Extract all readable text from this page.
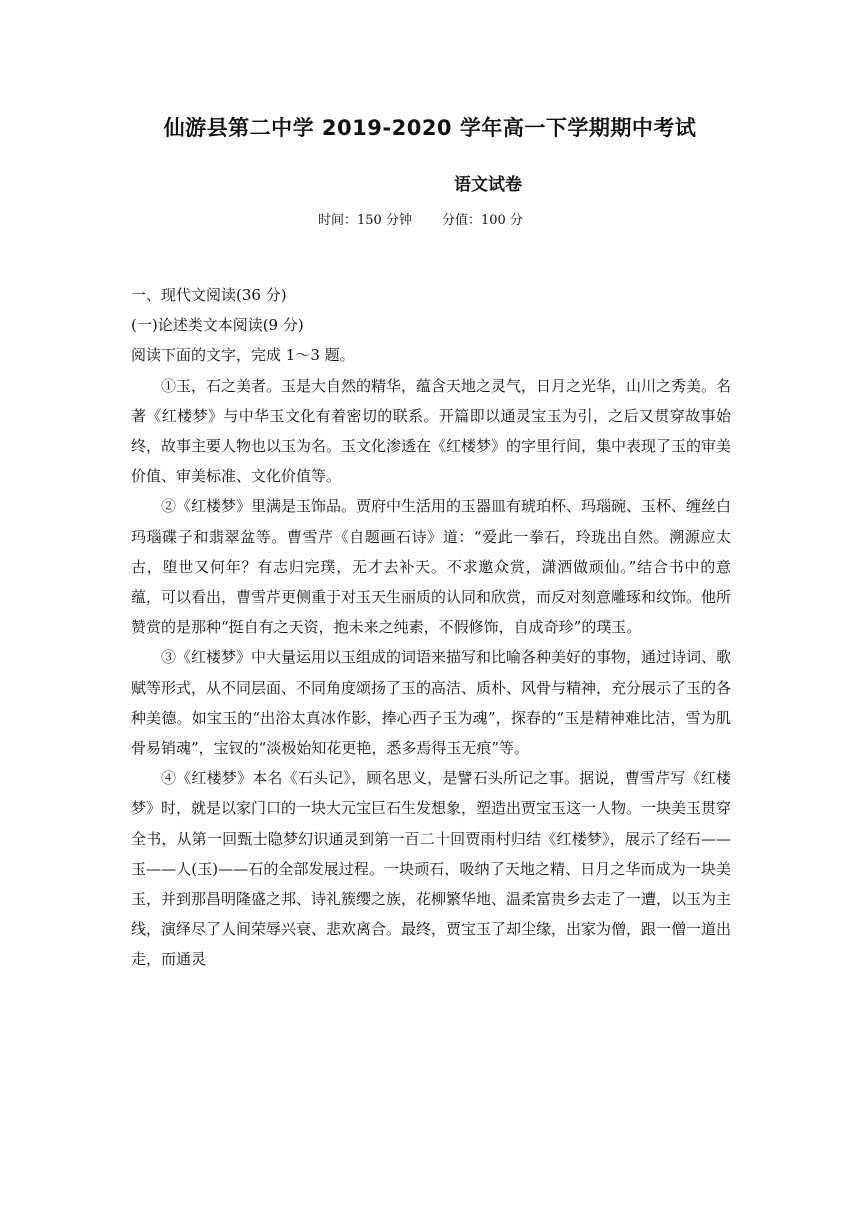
仙游县第二中学 2019-2020 学年高一下学期期中考试
语文试卷
时间：150 分钟 分值：100 分

一、现代文阅读(36 分)

(一)论述类文本阅读(9 分)

阅读下面的文字，完成 1～3 题。

①玉，石之美者。玉是大自然的精华，蕴含天地之灵气，日月之光华，山川之秀美。名著《红楼梦》与中华玉文化有着密切的联系。开篇即以通灵宝玉为引，之后又贯穿故事始终，故事主要人物也以玉为名。玉文化渗透在《红楼梦》的字里行间，集中表现了玉的审美价值、审美标准、文化价值等。

②《红楼梦》里满是玉饰品。贾府中生活用的玉器皿有琥珀杯、玛瑙碗、玉杯、缠丝白玛瑙碟子和翡翠盆等。曹雪芹《自题画石诗》道：“爱此一拳石，玲珑出自然。溯源应太古，堕世又何年？有志归完璞，无才去补天。不求邀众赏，潇洒做顽仙。”结合书中的意蕴，可以看出，曹雪芹更侧重于对玉天生丽质的认同和欣赏，而反对刻意雕琢和纹饰。他所赞赏的是那种“挺自有之天资，抱未来之纯素，不假修饰，自成奇珍”的璞玉。

③《红楼梦》中大量运用以玉组成的词语来描写和比喻各种美好的事物，通过诗词、歌赋等形式，从不同层面、不同角度颂扬了玉的高洁、质朴、风骨与精神，充分展示了玉的各种美德。如宝玉的“出浴太真冰作影，捧心西子玉为魂”，探春的“玉是精神难比洁，雪为肌骨易销魂”，宝钗的“淡极始知花更艳，悉多焉得玉无痕”等。

④《红楼梦》本名《石头记》，顾名思义，是譬石头所记之事。据说，曹雪芹写《红楼梦》时，就是以家门口的一块大元宝巨石生发想象，塑造出贾宝玉这一人物。一块美玉贯穿全书，从第一回甄士隐梦幻识通灵到第一百二十回贾雨村归结《红楼梦》，展示了经石——玉——人(玉)——石的全部发展过程。一块顽石，吸纳了天地之精、日月之华而成为一块美玉，并到那昌明隆盛之邦、诗礼簇缨之族，花柳繁华地、温柔富贵乡去走了一遭，以玉为主线，演绎尽了人间荣辱兴衰、悲欢离合。最终，贾宝玉了却尘缘，出家为僧，跟一僧一道出走，而通灵
